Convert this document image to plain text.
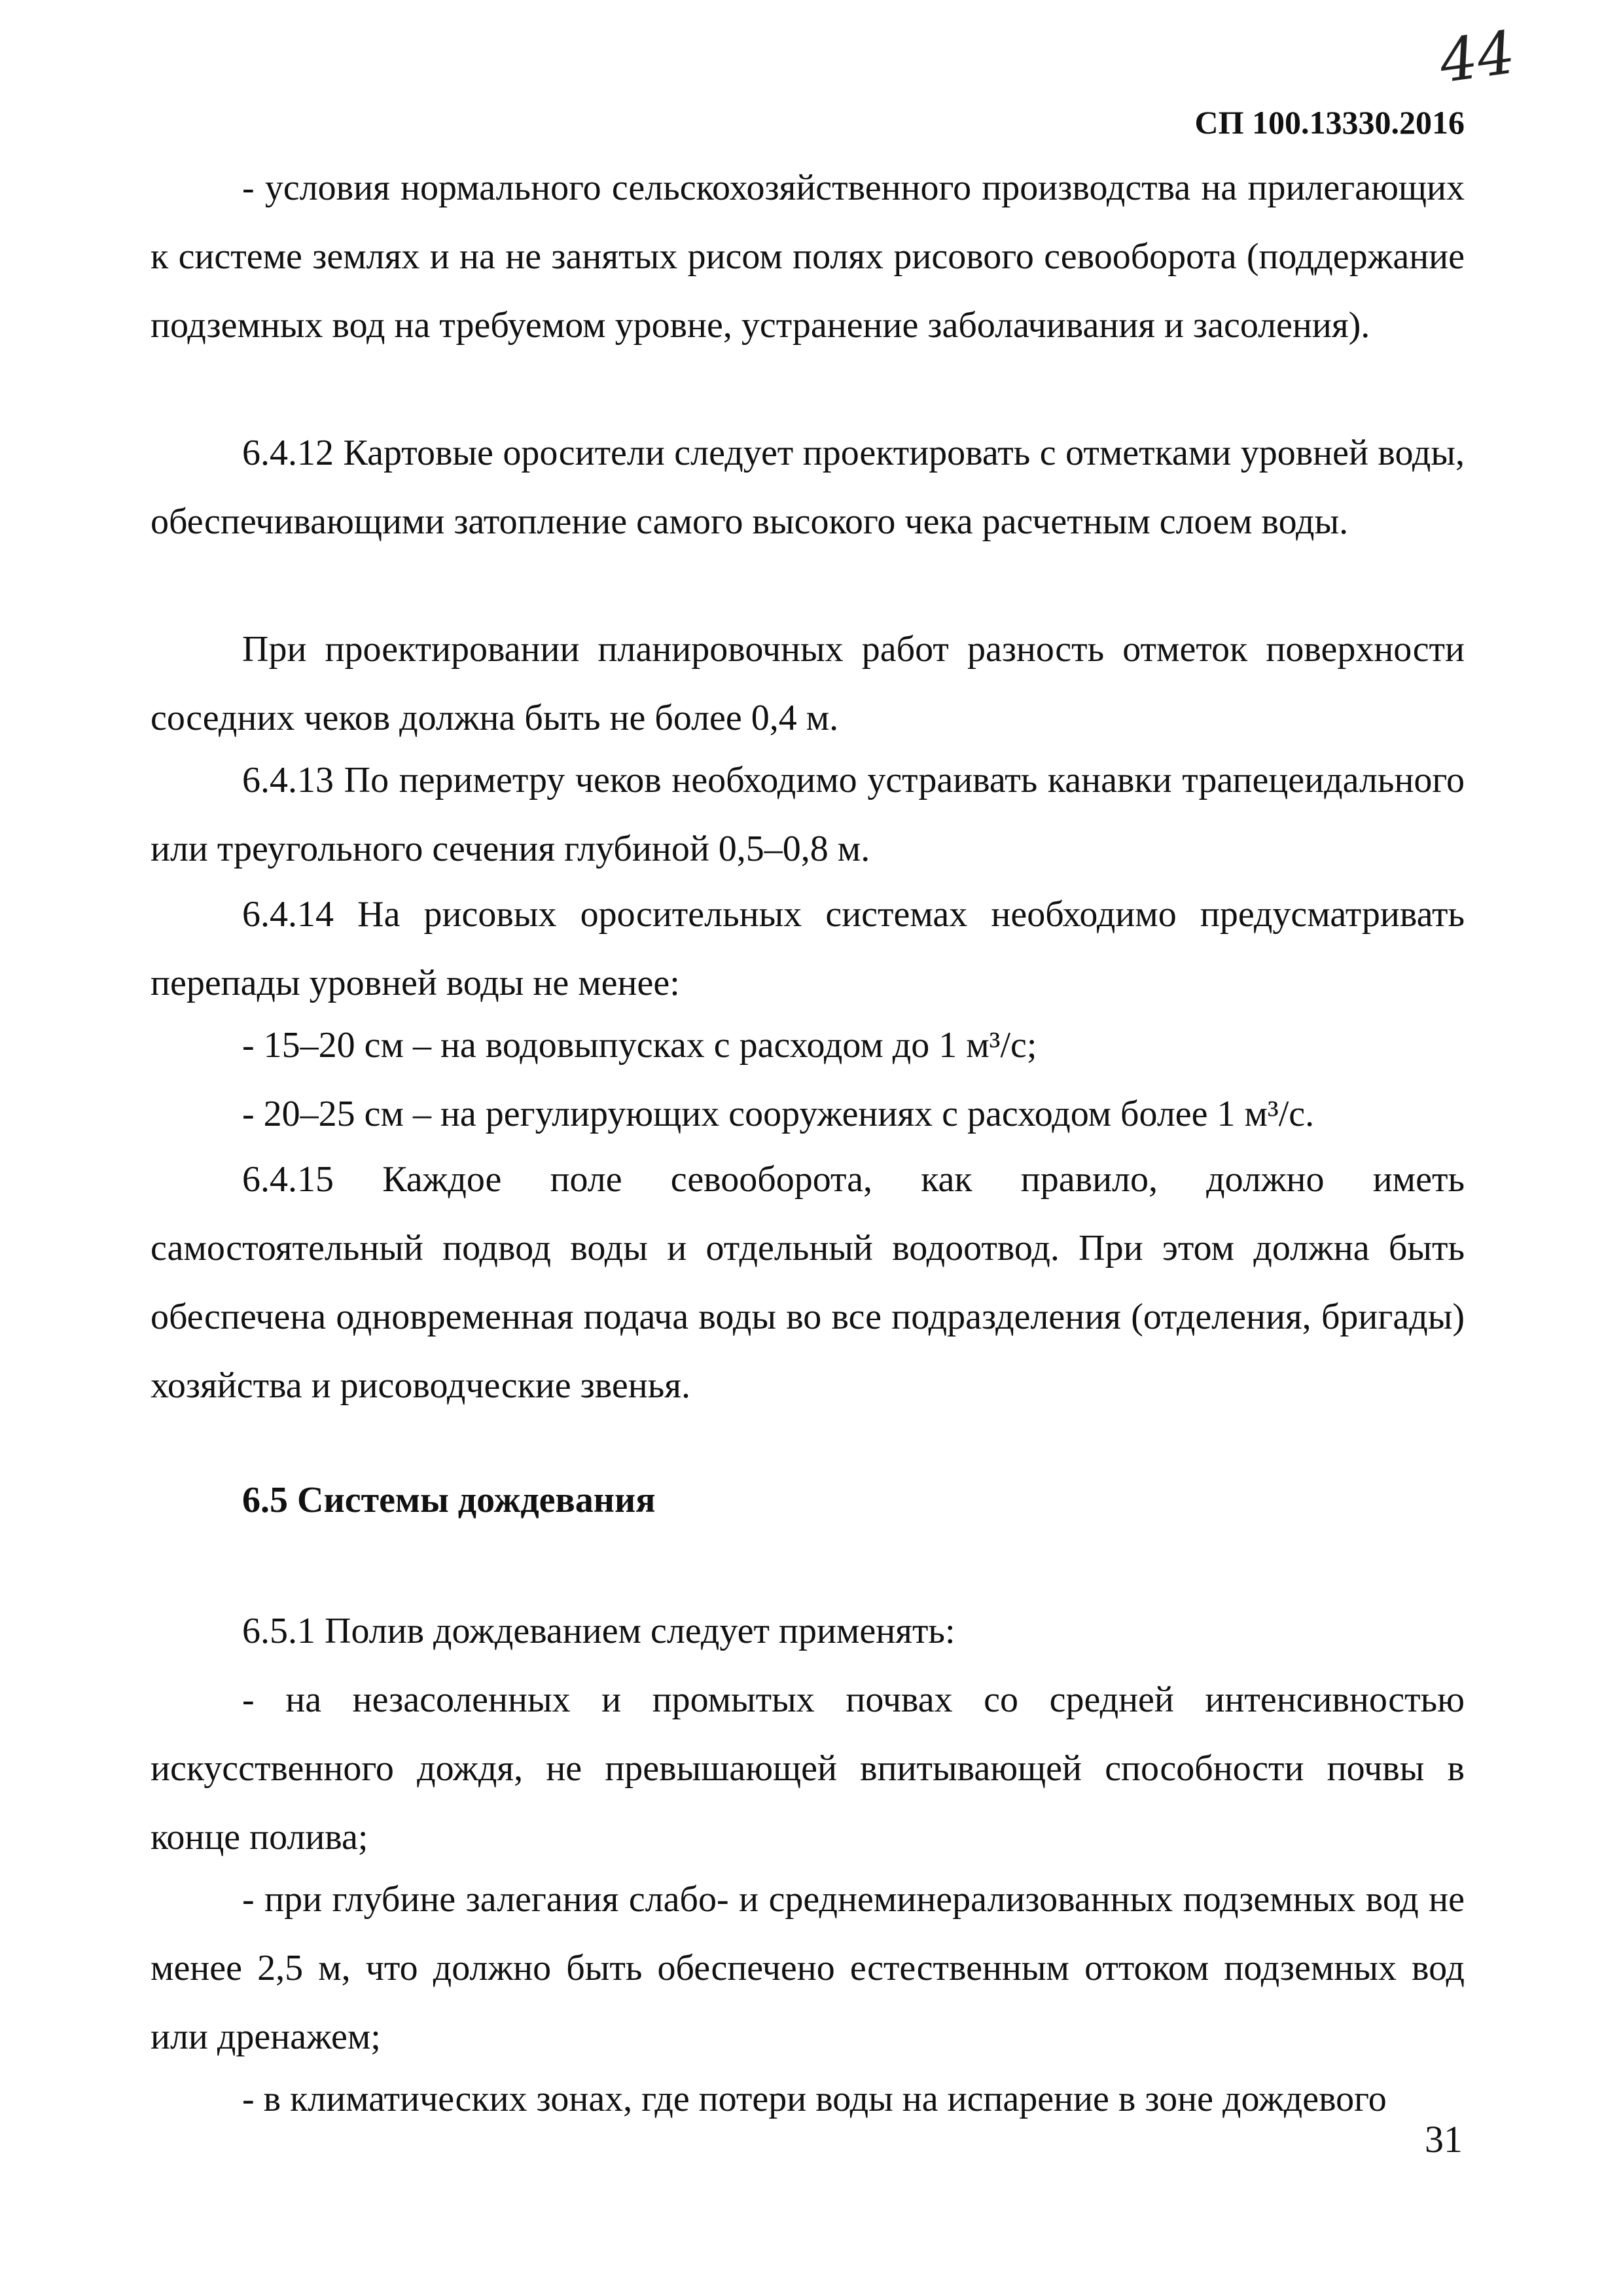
44
СП 100.13330.2016

- условия нормального сельскохозяйственного производства на прилегающих к системе землях и на не занятых рисом полях рисового севооборота (поддержание подземных вод на требуемом уровне, устранение заболачивания и засоления).

6.4.12 Картовые оросители следует проектировать с отметками уровней воды, обеспечивающими затопление самого высокого чека расчетным слоем воды.

При проектировании планировочных работ разность отметок поверхности соседних чеков должна быть не более 0,4 м.

6.4.13 По периметру чеков необходимо устраивать канавки трапецеидального или треугольного сечения глубиной 0,5–0,8 м.

6.4.14 На рисовых оросительных системах необходимо предусматривать перепады уровней воды не менее:

- 15–20 см – на водовыпусках с расходом до 1 м³/с;

- 20–25 см – на регулирующих сооружениях с расходом более 1 м³/с.

6.4.15 Каждое поле севооборота, как правило, должно иметь самостоятельный подвод воды и отдельный водоотвод. При этом должна быть обеспечена одновременная подача воды во все подразделения (отделения, бригады) хозяйства и рисоводческие звенья.

6.5 Системы дождевания

6.5.1 Полив дождеванием следует применять:

- на незасоленных и промытых почвах со средней интенсивностью искусственного дождя, не превышающей впитывающей способности почвы в конце полива;

- при глубине залегания слабо- и среднеминерализованных подземных вод не менее 2,5 м, что должно быть обеспечено естественным оттоком подземных вод или дренажем;

- в климатических зонах, где потери воды на испарение в зоне дождевого

31
